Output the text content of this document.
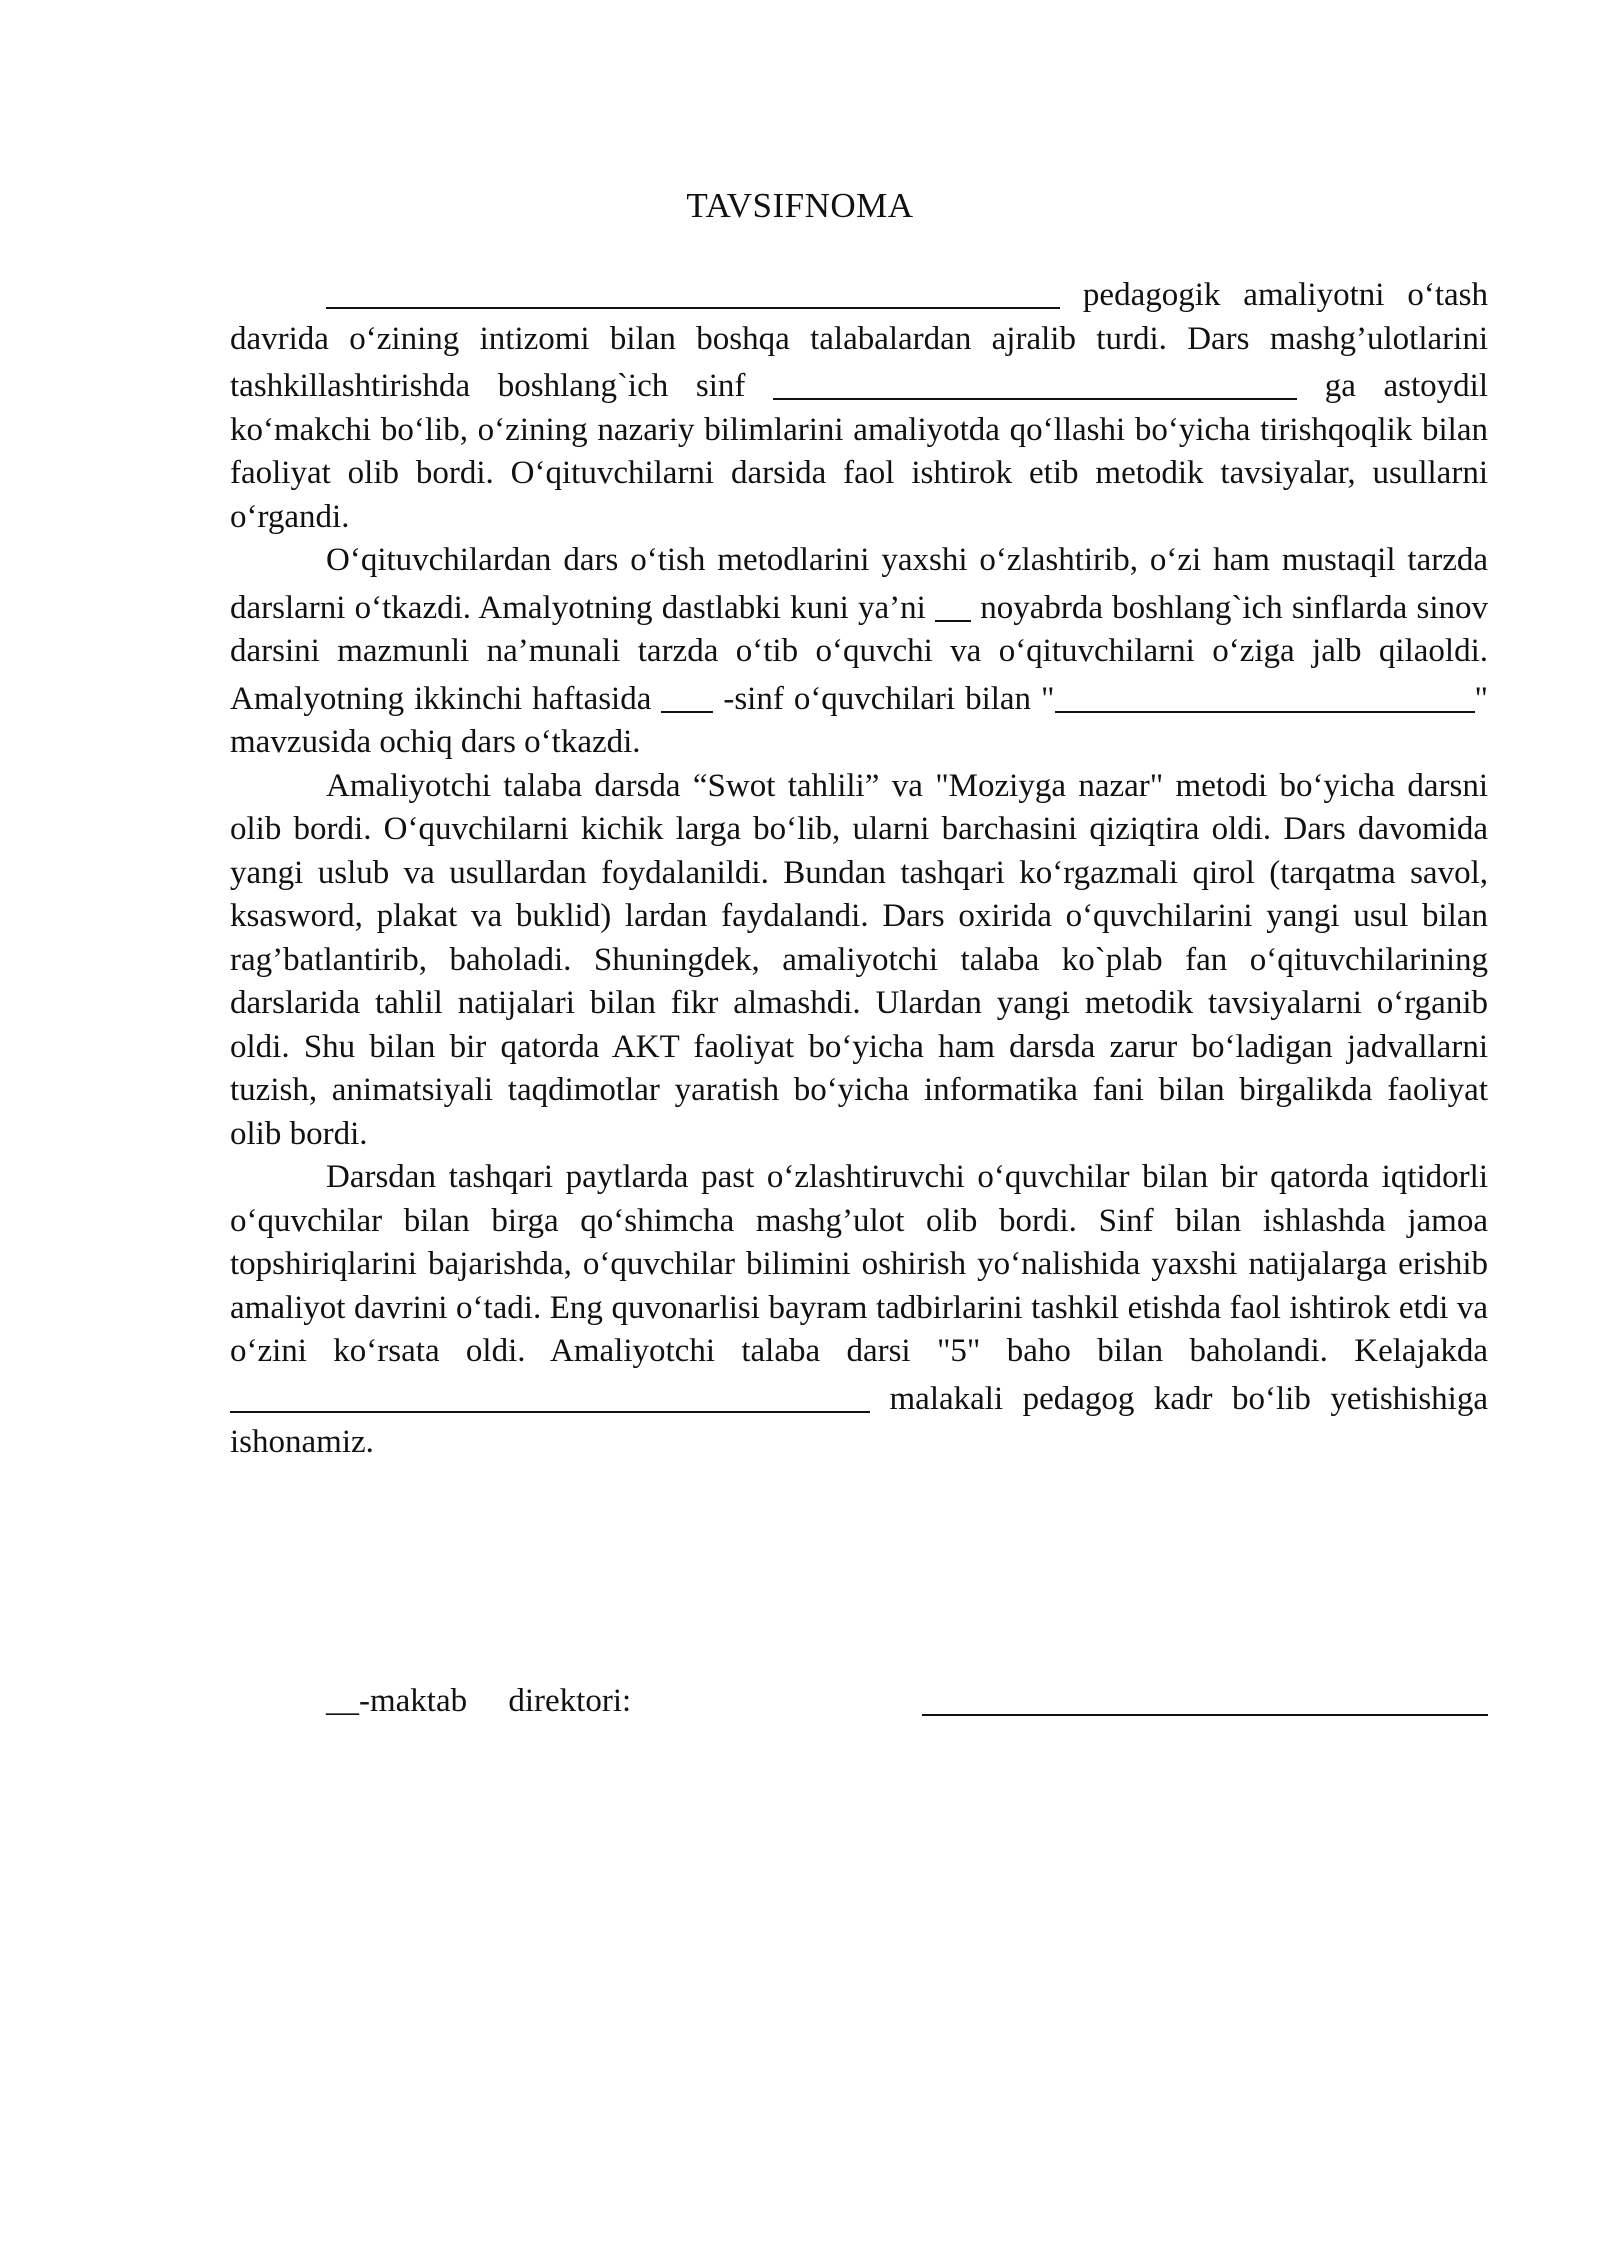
TAVSIFNOMA

pedagogik amaliyotni o‘tash davrida o‘zining intizomi bilan boshqa talabalardan ajralib turdi. Dars mashg’ulotlarini tashkillashtirishda boshlang`ich sinf	ga astoydil ko‘makchi bo‘lib, o‘zining nazariy bilimlarini amaliyotda qo‘llashi bo‘yicha tirishqoqlik bilan faoliyat olib bordi. O‘qituvchilarni darsida faol ishtirok etib metodik tavsiyalar, usullarni o‘rgandi.

O‘qituvchilardan dars o‘tish metodlarini yaxshi o‘zlashtirib, o‘zi ham mustaqil tarzda darslarni o‘tkazdi. Amalyotning dastlabki kuni ya’ni noyabrda boshlang`ich sinflarda sinov darsini mazmunli na’munali tarzda o‘tib o‘quvchi va o‘qituvchilarni o‘ziga jalb qilaoldi. Amalyotning ikkinchi haftasida -sinf o‘quvchilari bilan "	" mavzusida ochiq dars o‘tkazdi.

Amaliyotchi talaba darsda “Swot tahlili” va "Moziyga nazar" metodi bo‘yicha darsni olib bordi. O‘quvchilarni kichik larga bo‘lib, ularni barchasini qiziqtira oldi. Dars davomida yangi uslub va usullardan foydalanildi. Bundan tashqari ko‘rgazmali qirol (tarqatma savol, ksasword, plakat va buklid) lardan faydalandi. Dars oxirida o‘quvchilarini yangi usul bilan rag’batlantirib, baholadi. Shuningdek, amaliyotchi talaba ko`plab fan o‘qituvchilarining darslarida tahlil natijalari bilan fikr almashdi. Ulardan yangi metodik tavsiyalarni o‘rganib oldi. Shu bilan bir qatorda AKT faoliyat bo‘yicha ham darsda zarur bo‘ladigan jadvallarni tuzish, animatsiyali taqdimotlar yaratish bo‘yicha informatika fani bilan birgalikda faoliyat olib bordi.

Darsdan tashqari paytlarda past o‘zlashtiruvchi o‘quvchilar bilan bir qatorda iqtidorli o‘quvchilar bilan birga qo‘shimcha mashg’ulot olib bordi. Sinf bilan ishlashda jamoa topshiriqlarini bajarishda, o‘quvchilar bilimini oshirish yo‘nalishida yaxshi natijalarga erishib amaliyot davrini o‘tadi. Eng quvonarlisi bayram tadbirlarini tashkil etishda faol ishtirok etdi va o‘zini ko‘rsata oldi. Amaliyotchi talaba darsi "5" baho bilan baholandi. Kelajakda  malakali pedagog kadr bo‘lib yetishishiga ishonamiz.

__-maktab     direktori:
